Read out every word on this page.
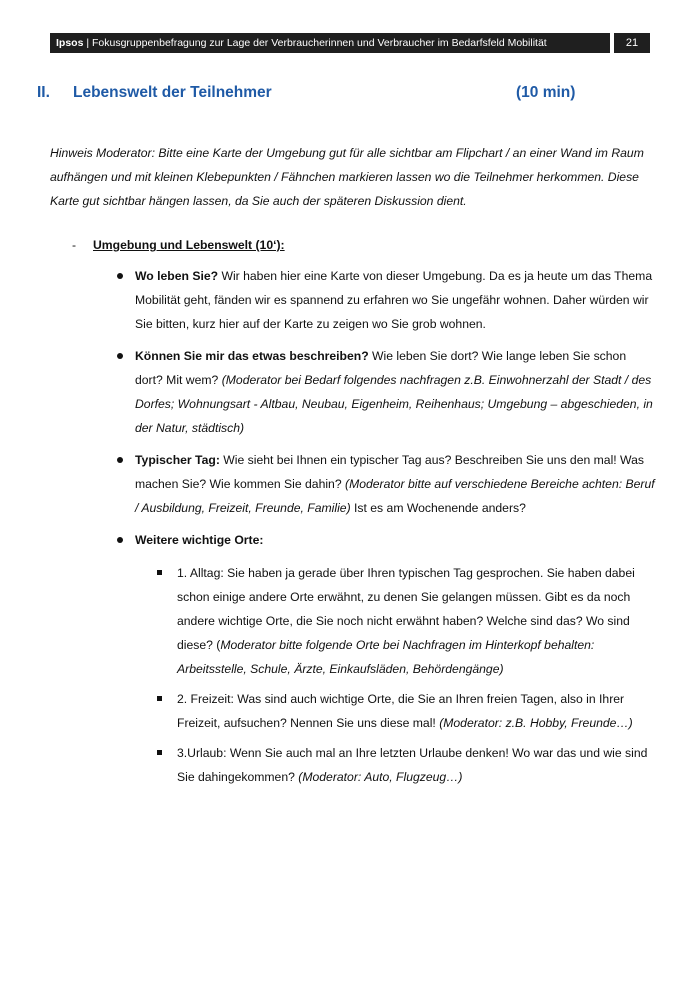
Ipsos | Fokusgruppenbefragung zur Lage der Verbraucherinnen und Verbraucher im Bedarfsfeld Mobilität	21
II. Lebenswelt der Teilnehmer	(10 min)
Hinweis Moderator: Bitte eine Karte der Umgebung gut für alle sichtbar am Flipchart / an einer Wand im Raum aufhängen und mit kleinen Klebepunkten / Fähnchen markieren lassen wo die Teilnehmer herkommen. Diese Karte gut sichtbar hängen lassen, da Sie auch der späteren Diskussion dient.
- Umgebung und Lebenswelt (10‘):
Wo leben Sie? Wir haben hier eine Karte von dieser Umgebung. Da es ja heute um das Thema Mobilität geht, fänden wir es spannend zu erfahren wo Sie ungefähr wohnen. Daher würden wir Sie bitten, kurz hier auf der Karte zu zeigen wo Sie grob wohnen.
Können Sie mir das etwas beschreiben? Wie leben Sie dort? Wie lange leben Sie schon dort? Mit wem? (Moderator bei Bedarf folgendes nachfragen z.B. Einwohnerzahl der Stadt / des Dorfes; Wohnungsart - Altbau, Neubau, Eigenheim, Reihenhaus; Umgebung – abgeschieden, in der Natur, städtisch)
Typischer Tag: Wie sieht bei Ihnen ein typischer Tag aus? Beschreiben Sie uns den mal! Was machen Sie? Wie kommen Sie dahin? (Moderator bitte auf verschiedene Bereiche achten: Beruf / Ausbildung, Freizeit, Freunde, Familie) Ist es am Wochenende anders?
Weitere wichtige Orte:
1. Alltag: Sie haben ja gerade über Ihren typischen Tag gesprochen. Sie haben dabei schon einige andere Orte erwähnt, zu denen Sie gelangen müssen. Gibt es da noch andere wichtige Orte, die Sie noch nicht erwähnt haben? Welche sind das? Wo sind diese? (Moderator bitte folgende Orte bei Nachfragen im Hinterkopf behalten: Arbeitsstelle, Schule, Ärzte, Einkaufsläden, Behördengänge)
2. Freizeit: Was sind auch wichtige Orte, die Sie an Ihren freien Tagen, also in Ihrer Freizeit, aufsuchen? Nennen Sie uns diese mal! (Moderator: z.B. Hobby, Freunde…)
3.Urlaub: Wenn Sie auch mal an Ihre letzten Urlaube denken! Wo war das und wie sind Sie dahingekommen? (Moderator: Auto, Flugzeug…)
